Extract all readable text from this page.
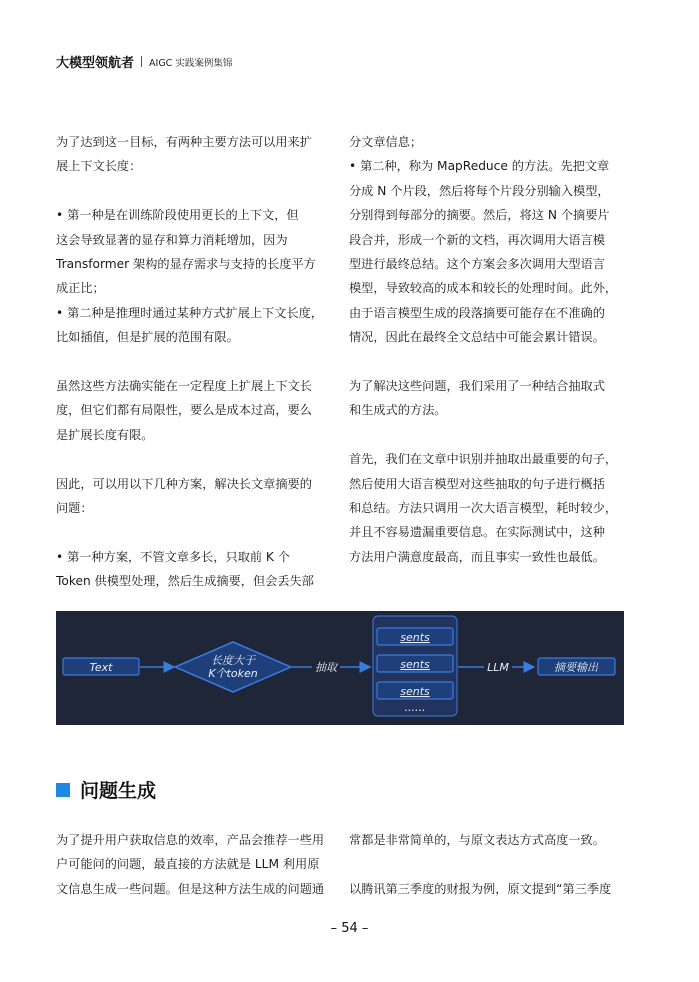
大模型领航者 AIGC 实践案例集锦

为了达到这一目标，有两种主要方法可以用来扩

展上下文长度：

• 第一种是在训练阶段使用更长的上下文，但

这会导致显著的显存和算力消耗增加，因为

Transformer 架构的显存需求与支持的长度平方

成正比；

• 第二种是推理时通过某种方式扩展上下文长度，

比如插值，但是扩展的范围有限。

虽然这些方法确实能在一定程度上扩展上下文长

度，但它们都有局限性，要么是成本过高，要么

是扩展长度有限。

因此，可以用以下几种方案，解决长文章摘要的

问题：

• 第一种方案，不管文章多长，只取前 K 个

Token 供模型处理，然后生成摘要，但会丢失部

分文章信息；

• 第二种，称为 MapReduce 的方法。先把文章

分成 N 个片段，然后将每个片段分别输入模型，

分别得到每部分的摘要。然后，将这 N 个摘要片

段合并，形成一个新的文档，再次调用大语言模

型进行最终总结。这个方案会多次调用大型语言

模型，导致较高的成本和较长的处理时间。此外，

由于语言模型生成的段落摘要可能存在不准确的

情况，因此在最终全文总结中可能会累计错误。

为了解决这些问题，我们采用了一种结合抽取式

和生成式的方法。

首先，我们在文章中识别并抽取出最重要的句子，

然后使用大语言模型对这些抽取的句子进行概括

和总结。方法只调用一次大语言模型，耗时较少，

并且不容易遗漏重要信息。在实际测试中，这种

方法用户满意度最高，而且事实一致性也最低。

Text
长度大于
K个token	抽取
sents
sents
sents
......
LLM	摘要输出
问题生成

为了提升用户获取信息的效率，产品会推荐一些用

户可能问的问题，最直接的方法就是 LLM 利用原

文信息生成一些问题。但是这种方法生成的问题通

常都是非常简单的，与原文表达方式高度一致。

以腾讯第三季度的财报为例，原文提到“第三季度

– 54 –
